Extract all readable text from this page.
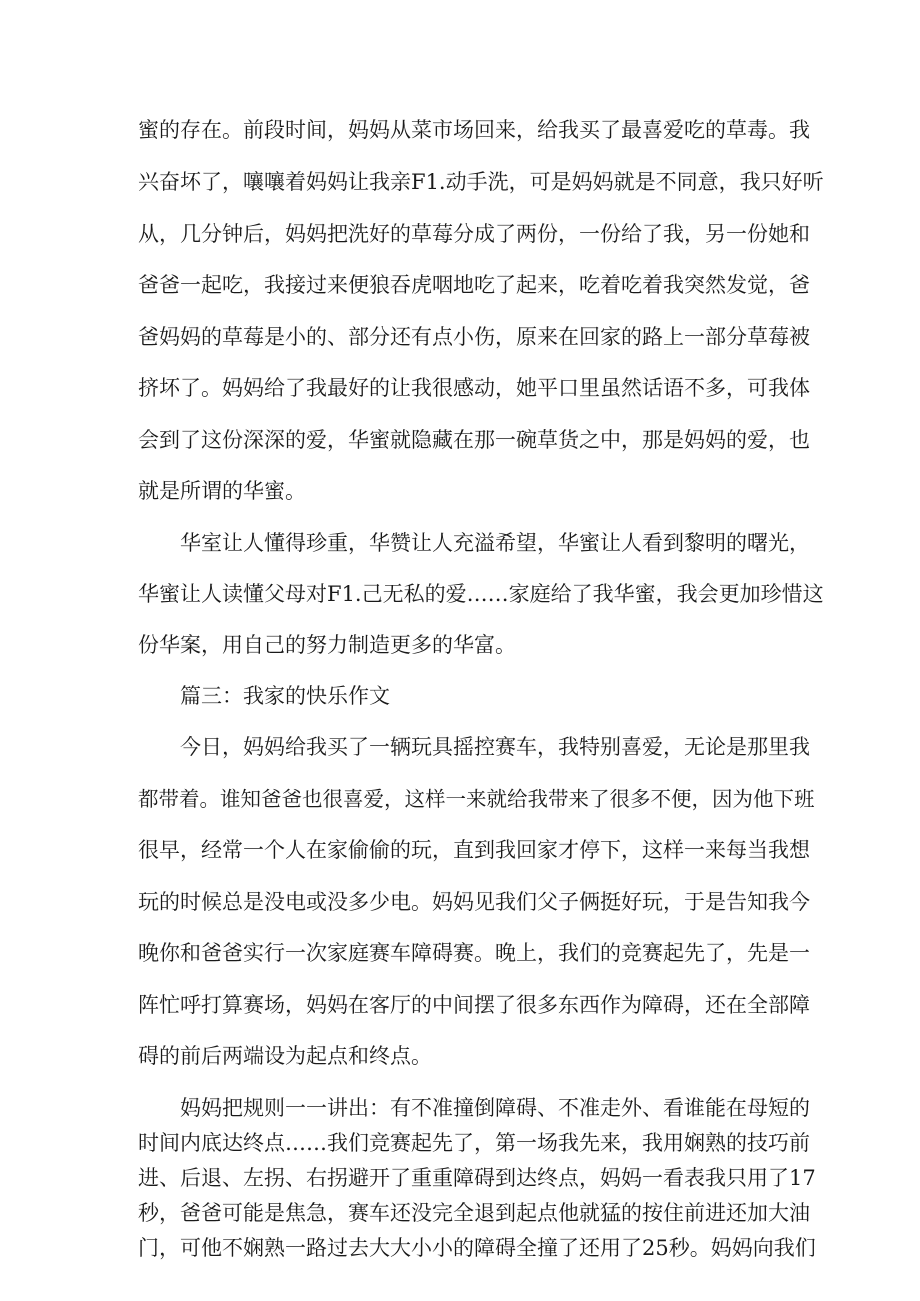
蜜的存在。前段时间，妈妈从菜市场回来，给我买了最喜爱吃的草毒。我
兴奋坏了，嚷嚷着妈妈让我亲F1.动手洗，可是妈妈就是不同意，我只好听
从，几分钟后，妈妈把洗好的草莓分成了两份，一份给了我，另一份她和
爸爸一起吃，我接过来便狼吞虎咽地吃了起来，吃着吃着我突然发觉，爸
爸妈妈的草莓是小的、部分还有点小伤，原来在回家的路上一部分草莓被
挤坏了。妈妈给了我最好的让我很感动，她平口里虽然话语不多，可我体
会到了这份深深的爱，华蜜就隐藏在那一碗草货之中，那是妈妈的爱，也
就是所谓的华蜜。
　　华室让人懂得珍重，华赞让人充溢希望，华蜜让人看到黎明的曙光，
华蜜让人读懂父母对F1.己无私的爱……家庭给了我华蜜，我会更加珍惜这
份华案，用自己的努力制造更多的华富。
　　篇三：我家的快乐作文
　　今日，妈妈给我买了一辆玩具摇控赛车，我特别喜爱，无论是那里我
都带着。谁知爸爸也很喜爱，这样一来就给我带来了很多不便，因为他下班
很早，经常一个人在家偷偷的玩，直到我回家才停下，这样一来每当我想
玩的时候总是没电或没多少电。妈妈见我们父子俩挺好玩，于是告知我今
晚你和爸爸实行一次家庭赛车障碍赛。晚上，我们的竞赛起先了，先是一
阵忙呼打算赛场，妈妈在客厅的中间摆了很多东西作为障碍，还在全部障
碍的前后两端设为起点和终点。
　　妈妈把规则一一讲出：有不准撞倒障碍、不准走外、看谁能在母短的
时间内底达终点……我们竞赛起先了，第一场我先来，我用娴熟的技巧前
进、后退、左拐、右拐避开了重重障碍到达终点，妈妈一看表我只用了17
秒，爸爸可能是焦急，赛车还没完全退到起点他就猛的按住前进还加大油
门，可他不娴熟一路过去大大小小的障碍全撞了还用了25秒。妈妈向我们
